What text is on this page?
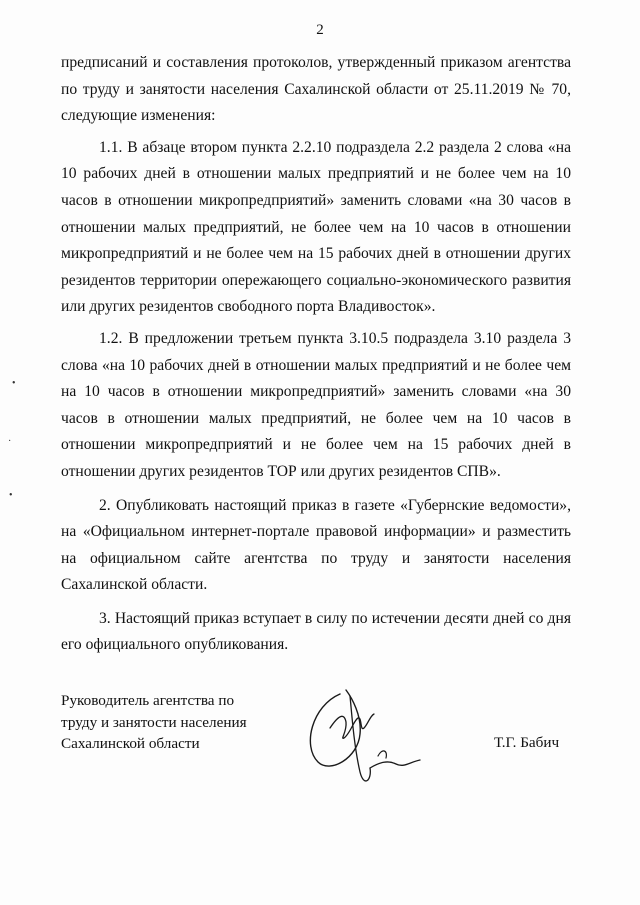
2

предписаний и составления протоколов, утвержденный приказом агентства по труду и занятости населения Сахалинской области от 25.11.2019 № 70, следующие изменения:

1.1. В абзаце втором пункта 2.2.10 подраздела 2.2 раздела 2 слова «на 10 рабочих дней в отношении малых предприятий и не более чем на 10 часов в отношении микропредприятий» заменить словами «на 30 часов в отношении малых предприятий, не более чем на 10 часов в отношении микропредприятий и не более чем на 15 рабочих дней в отношении других резидентов территории опережающего социально-экономического развития или других резидентов свободного порта Владивосток».

1.2. В предложении третьем пункта 3.10.5 подраздела 3.10 раздела 3 слова «на 10 рабочих дней в отношении малых предприятий и не более чем на 10 часов в отношении микропредприятий» заменить словами «на 30 часов в отношении малых предприятий, не более чем на 10 часов в отношении микропредприятий и не более чем на 15 рабочих дней в отношении других резидентов ТОР или других резидентов СПВ».

2. Опубликовать настоящий приказ в газете «Губернские ведомости», на «Официальном интернет-портале правовой информации» и разместить на официальном сайте агентства по труду и занятости населения Сахалинской области.

3. Настоящий приказ вступает в силу по истечении десяти дней со дня его официального опубликования.

Руководитель агентства по
труду и занятости населения
Сахалинской области	Т.Г. Бабич
•
·
•
